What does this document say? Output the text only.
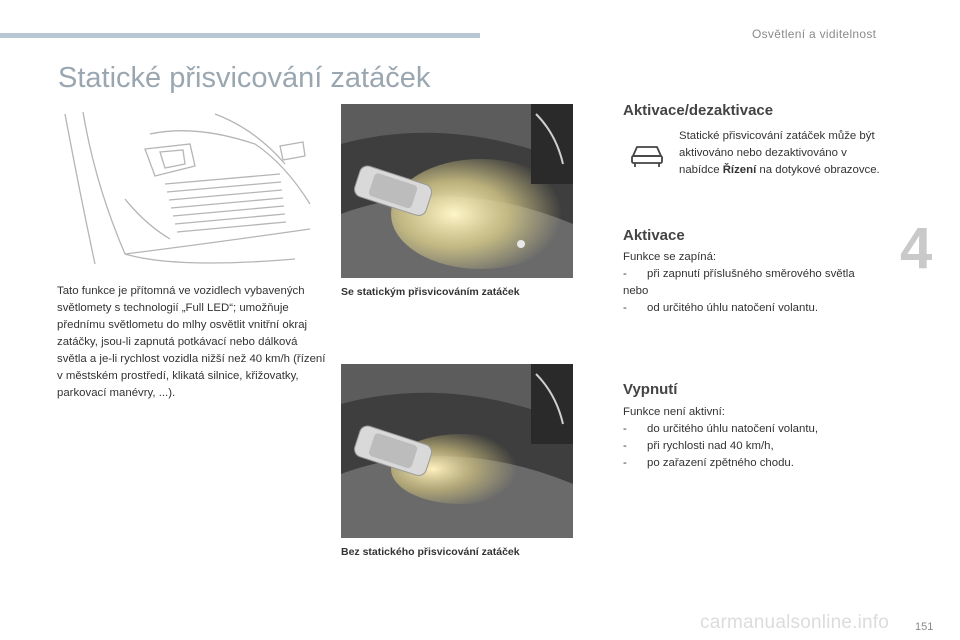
Osvětlení a viditelnost
4
Statické přisvicování zatáček
Tato funkce je přítomná ve vozidlech vybavených světlomety s technologií „Full LED“; umožňuje přednímu světlometu do mlhy osvětlit vnitřní okraj zatáčky, jsou-li zapnutá potkávací nebo dálková světla a je-li rychlost vozidla nižší než 40 km/h (řízení v městském prostředí, klikatá silnice, křižovatky, parkovací manévry, ...).
Se statickým přisvicováním zatáček
Bez statického přisvicování zatáček
Aktivace/dezaktivace
Statické přisvicování zatáček může být aktivováno nebo dezaktivováno v nabídce Řízení na dotykové obrazovce.
Aktivace
Funkce se zapíná:
-	při zapnutí příslušného směrového světla
nebo
-	od určitého úhlu natočení volantu.
Vypnutí
Funkce není aktivní:
-	do určitého úhlu natočení volantu,
-	při rychlosti nad 40 km/h,
-	po zařazení zpětného chodu.
carmanualsonline.info 151
